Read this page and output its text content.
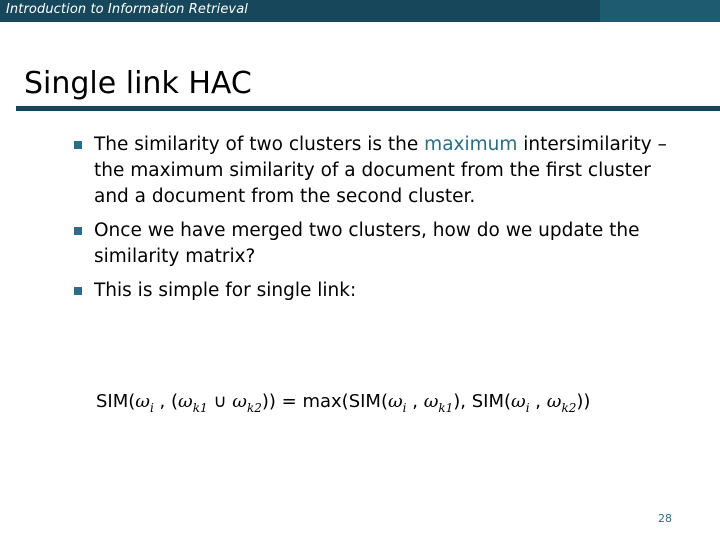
Introduction to Information Retrieval
Single link HAC
The similarity of two clusters is the maximum intersimilarity – the maximum similarity of a document from the first cluster and a document from the second cluster.
Once we have merged two clusters, how do we update the similarity matrix?
This is simple for single link:
$SIM(\omega_i$ , ($\omega_{k1}$ ∪ $\omega_{k2})) = \max(SIM(\omega_i$ , $\omega_{k1}$), $SIM(\omega_i$ , $\omega_{k2}$))
28
